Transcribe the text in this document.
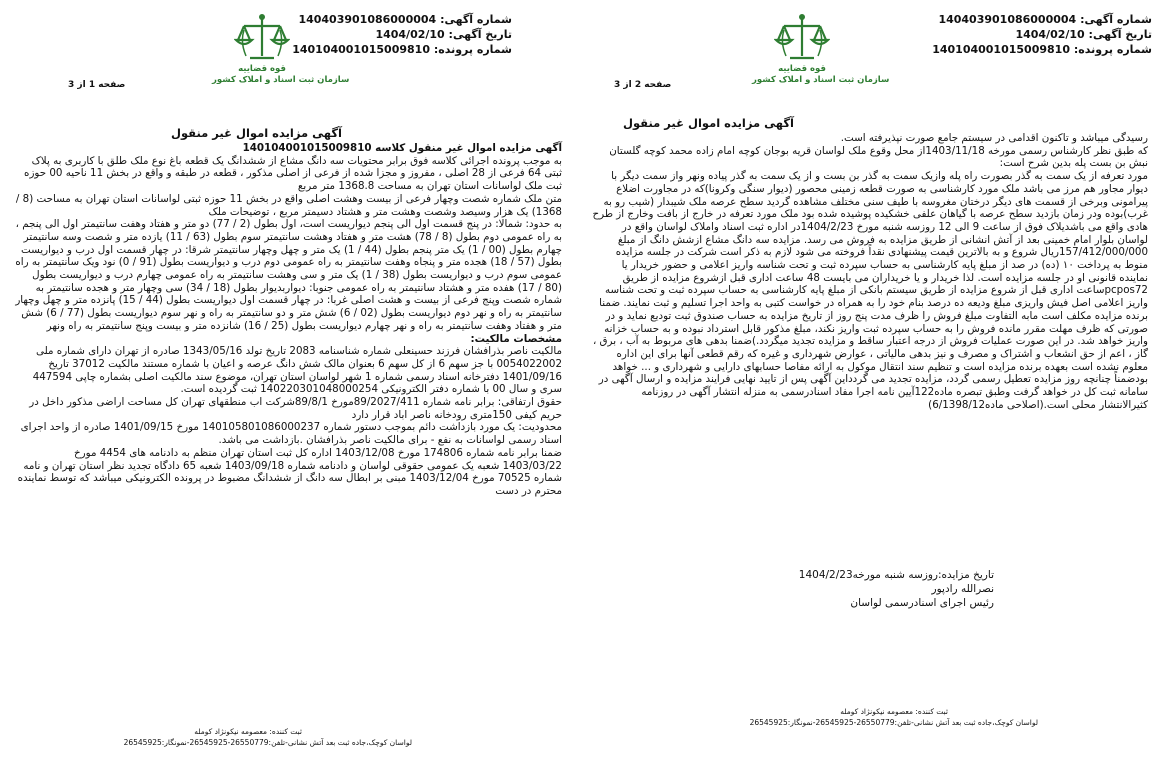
شماره آگهی: 140403901086000004
تاریخ آگهی: 1404/02/10
شماره پرونده: 140104001015009810
قوه قضاییه
سازمان ثبت اسناد و املاک کشور
صفحه 2 از 3
آگهی مزایده اموال غیر منقول

رسیدگی میباشد و تاکنون اقدامی در سیستم جامع صورت نپذیرفته است.

که طبق نظر کارشناس رسمی مورخه 1403/11/18از محل وقوع ملک لواسان قریه بوجان کوچه امام زاده محمد کوچه گلستان نبش بن بست پله بدین شرح است:

مورد تعرفه از یک سمت به گذر بصورت راه پله وازیک سمت به گذر بن بست و از یک سمت به گذر پیاده ونهر واز سمت دیگر با دیوار مجاور هم مرز می باشد ملک مورد کارشناسی به صورت قطعه زمینی محصور (دیوار سنگی وکرونا)که در مجاورت اضلاع پیرامونی وبرخی از قسمت های دیگر درختان مغروسه با طیف سنی مختلف مشاهده گردید سطح عرصه ملک شیبدار (شیب رو به غرب)بوده ودر زمان بازدید سطح عرصه با گیاهان علفی خشکیده پوشیده شده بود ملک مورد تعرفه در خارج از بافت وخارج از طرح هادی واقع می باشدیلاک فوق از ساعت 9 الی 12 روزسه شنبه مورخ 1404/2/23در اداره ثبت اسناد واملاک لواسان واقع در لواسان بلوار امام خمینی بعد از آتش انشانی از طریق مزایده به فروش می رسد. مزایده سه دانگ مشاع ازشش دانگ از مبلغ 157/412/000/000ریال شروع و به بالاترین قیمت پیشنهادی نقداً فروخته می شود لازم به ذکر است شرکت در جلسه مزایده منوط به پرداخت ۱۰ (ده) در صد از مبلغ پایه کارشناسی به حساب سپرده ثبت و تحت شناسه واریز اعلامی و حضور خریدار یا نماینده قانونی او در جلسه مزایده است. لذا خریدار و یا خریداران می بایست 48 ساعت اداری قبل ازشروع مزایده از طریق pcpos72ساعت اداری قبل از شروع مزایده از طریق سیستم بانکی از مبلغ پایه کارشناسی به حساب سپرده ثبت و تحت شناسه واریز اعلامی اصل فیش واریزی مبلغ ودیعه ده درصد بنام خود را به همراه در خواست کتبی به واحد اجرا تسلیم و ثبت نمایند. ضمنا برنده مزایده مکلف است مابه التفاوت مبلغ فروش را ظرف مدت پنج روز از تاریخ مزایده به حساب صندوق ثبت تودیع نماید و در صورتی که ظرف مهلت مقرر مانده فروش را به حساب سپرده ثبت واریز نکند، مبلغ مذکور قابل استرداد نبوده و به حساب خزانه واریز خواهد شد. در این صورت عملیات فروش از درجه اعتبار ساقط و مزایده تجدید میگردد.)ضمنا بدهی های مربوط به آب ، برق ، گاز ، اعم از حق انشعاب و اشتراک و مصرف و نیز بدهی مالیاتی ، عوارض شهرداری و غیره که رقم قطعی آنها برای این اداره معلوم نشده است بعهده برنده مزایده است و تنظیم سند انتقال موکول به ارائه مفاصا حسابهای دارایی و شهرداری و ... خواهد بودضمناً چنانچه روز مزایده تعطیل رسمی گردد، مزایده تجدید می گردداین آگهی پس از تایید نهایی فرایند مزایده و ارسال آگهی در سامانه ثبت کل در خواهد گرفت وطبق تبصره ماده122آیین نامه اجرا مفاد اسنادرسمی به منزله انتشار آگهی در روزنامه کثیرالانتشار محلی است.(اصلاحی ماده6/1398/12)

تاریخ مزایده:روزسه شنبه مورخه1404/2/23
نصرالله رادپور
رئیس اجرای اسنادرسمی لواسان
ثبت کننده: معصومه نیکونژاد کومله
لواسان کوچک،جاده ثبت بعد آتش نشانی-تلفن:26550779-26545925-نمونگار:26545925
شماره آگهی: 140403901086000004
تاریخ آگهی: 1404/02/10
شماره پرونده: 140104001015009810
قوه قضاییه
سازمان ثبت اسناد و املاک کشور
صفحه 1 از 3
آگهی مزایده اموال غیر منقول

آگهی مزایده اموال غیر منقول کلاسه 140104001015009810

به موجب پرونده اجرائی کلاسه فوق برابر محتویات سه دانگ مشاع از ششدانگ یک قطعه باغ نوع ملک طلق با کاربری به پلاک ثبتی 64 فرعی از 28 اصلی ، مفروز و مجزا شده از فرعی از اصلی مذکور ، قطعه در طبقه و واقع در بخش 11 ناحیه 00 حوزه ثبت ملک لواسانات استان تهران به مساحت 1368.8 متر مربع

متن ملک شماره شصت وچهار فرعی از بیست وهشت اصلی واقع در بخش 11 حوزه ثبتی لواسانات استان تهران به مساحت (8 / 1368) یک هزار وسیصد وشصت وهشت متر و هشتاد دسیمتر مربع ، توضیحات ملک

به حدود: شمالا: در پنج قسمت اول الی پنجم دیواریست است، اول بطول (2 / 77) دو متر و هفتاد وهفت سانتیمتر اول الی پنجم ، به راه عمومی دوم بطول (8 / 78) هشت متر و هفتاد وهشت سانتیمتر سوم بطول (63 / 11) یازده متر و شصت وسه سانتیمتر چهارم بطول (00 / 1) یک متر پنجم بطول (44 / 1) یک متر و چهل وچهار سانتیمتر شرقا: در چهار قسمت اول درب و دیواریست بطول (57 / 18) هجده متر و پنجاه وهفت سانتیمتر به راه عمومی دوم درب و دیواریست بطول (91 / 0) نود ویک سانتیمتر به راه عمومی سوم درب و دیواریست بطول (38 / 1) یک متر و سی وهشت سانتیمتر به راه عمومی چهارم درب و دیواریست بطول (80 / 17) هفده متر و هشتاد سانتیمتر به راه عمومی جنوبا: دیواربدیوار بطول (18 / 34) سی وچهار متر و هجده سانتیمتر به شماره شصت وپنج فرعی از بیست و هشت اصلی غربا: در چهار قسمت اول دیواریست بطول (44 / 15) پانزده متر و چهل وچهار سانتیمتر به راه و نهر دوم دیواریست بطول (02 / 6) شش متر و دو سانتیمتر به راه و نهر سوم دیواریست بطول (77 / 6) شش متر و هفتاد وهفت سانتیمتر به راه و نهر چهارم دیواریست بطول (25 / 16) شانزده متر و بیست وپنج سانتیمتر به راه ونهر

مشخصات مالکیت:

مالکیت ناصر بذرافشان فرزند حسینعلی شماره شناسنامه 2083 تاریخ تولد 1343/05/16 صادره از تهران دارای شماره ملی 0054022002 با جز سهم 6 از کل سهم 6 بعنوان مالک شش دانگ عرصه و اعیان با شماره مستند مالکیت 37012 تاریخ 1401/09/16 دفترخانه اسناد رسمی شماره 1 شهر لواسان استان تهران، موضوع سند مالکیت اصلی بشماره چاپی 447594 سری و سال 00 با شماره دفتر الکترونیکی 140220301048000254 ثبت گردیده است.

حقوق ارتفاقی: برابر نامه شماره 89/2027/411مورخ 89/8/1شرکت اب منطقهای تهران کل مساحت اراضی مذکور داخل در حریم کیفی 150متری رودخانه ناصر اباد قرار دارد

محدودیت: یک مورد بازداشت دائم بموجب دستور شماره 140105801086000237 مورخ 1401/09/15 صادره از واحد اجرای اسناد رسمی لواسانات به نفع - برای مالکیت ناصر بذرافشان .بازداشت می باشد.

ضمنا برابر نامه شماره 174806 مورخ 1403/12/08 اداره کل ثبت استان تهران منظم به دادنامه های 4454 مورخ 1403/03/22 شعبه یک عمومی حقوقی لواسان و دادنامه شماره 1403/09/18 شعبه 65 دادگاه تجدید نظر استان تهران و نامه شماره 70525 مورخ 1403/12/04 مبنی بر ابطال سه دانگ از ششدانگ مضبوط در پرونده الکترونیکی میباشد که توسط نماینده محترم در دست

ثبت کننده: معصومه نیکونژاد کومله
لواسان کوچک،جاده ثبت بعد آتش نشانی-تلفن:26550779-26545925-نمونگار:26545925
